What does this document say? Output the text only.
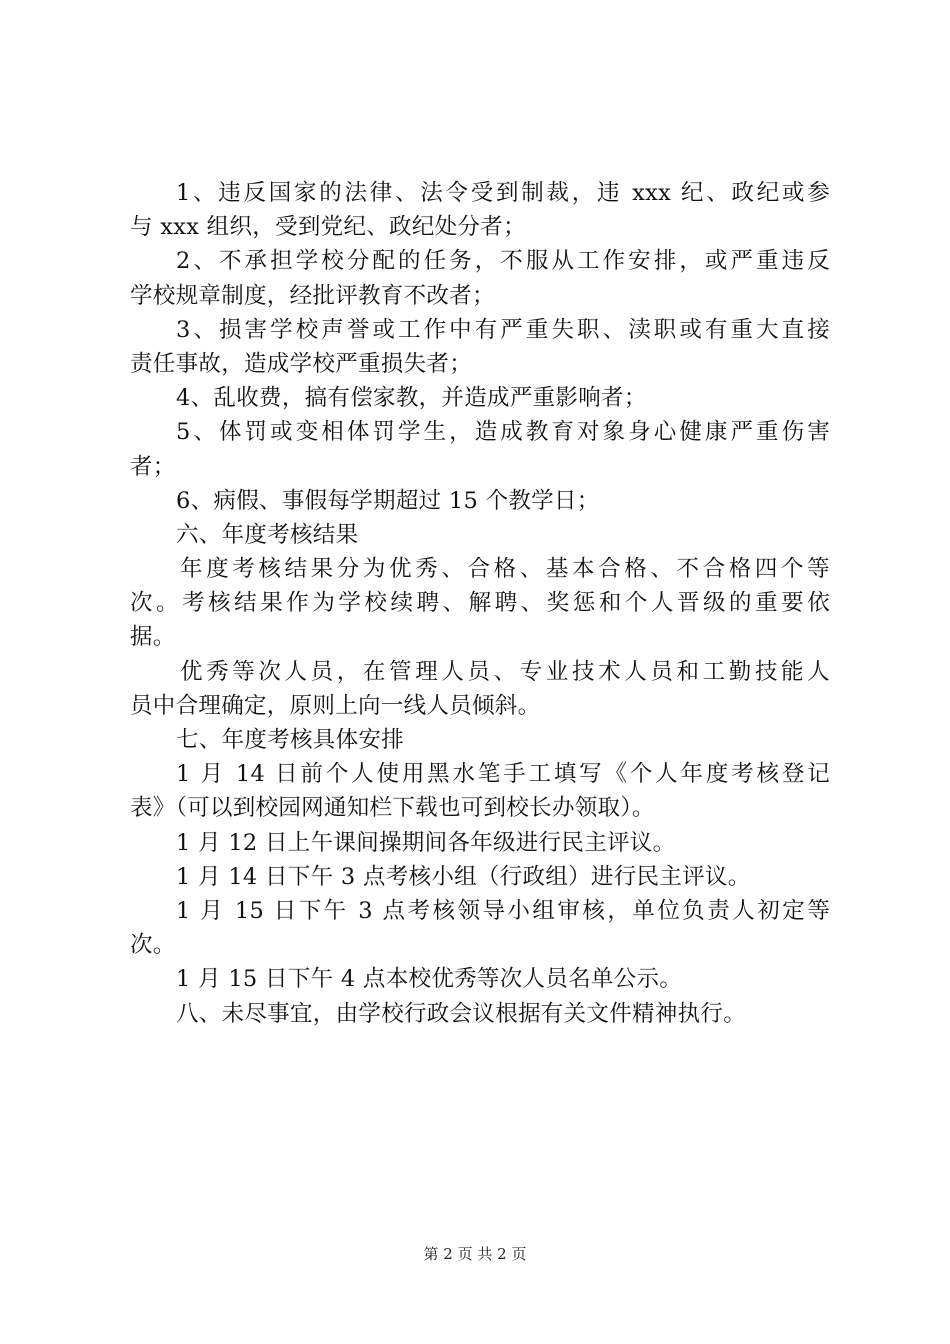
1、违反国家的法律、法令受到制裁，违 xxx 纪、政纪或参
与 xxx 组织，受到党纪、政纪处分者；
2、不承担学校分配的任务，不服从工作安排，或严重违反
学校规章制度，经批评教育不改者；
3、损害学校声誉或工作中有严重失职、渎职或有重大直接
责任事故，造成学校严重损失者；
4、乱收费，搞有偿家教，并造成严重影响者；
5、体罚或变相体罚学生，造成教育对象身心健康严重伤害
者；
6、病假、事假每学期超过 15 个教学日；
六、年度考核结果
年度考核结果分为优秀、合格、基本合格、不合格四个等
次。考核结果作为学校续聘、解聘、奖惩和个人晋级的重要依
据。
优秀等次人员，在管理人员、专业技术人员和工勤技能人
员中合理确定，原则上向一线人员倾斜。
七、年度考核具体安排
1 月 14 日前个人使用黑水笔手工填写《个人年度考核登记
表》（可以到校园网通知栏下载也可到校长办领取）。
1 月 12 日上午课间操期间各年级进行民主评议。
1 月 14 日下午 3 点考核小组（行政组）进行民主评议。
1 月 15 日下午 3 点考核领导小组审核，单位负责人初定等
次。
1 月 15 日下午 4 点本校优秀等次人员名单公示。
八、未尽事宜，由学校行政会议根据有关文件精神执行。
第 2 页 共 2 页
